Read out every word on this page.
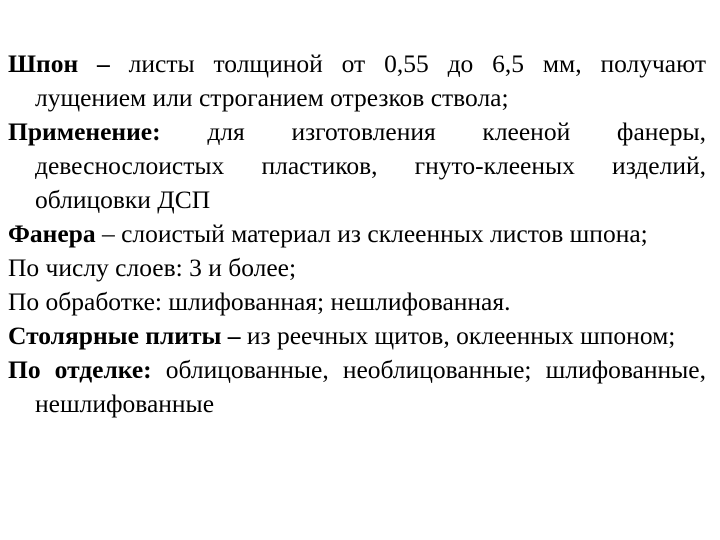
Шпон – листы толщиной от 0,55 до 6,5 мм, получают лущением или строганием отрезков ствола;

Применение: для изготовления клееной фанеры, девеснослоистых пластиков, гнуто-клееных изделий, облицовки ДСП

Фанера – слоистый материал из склеенных листов шпона;

По числу слоев: 3 и более;

По обработке: шлифованная; нешлифованная.

Столярные плиты – из реечных щитов, оклеенных шпоном;

По отделке: облицованные, необлицованные; шлифованные, нешлифованные
